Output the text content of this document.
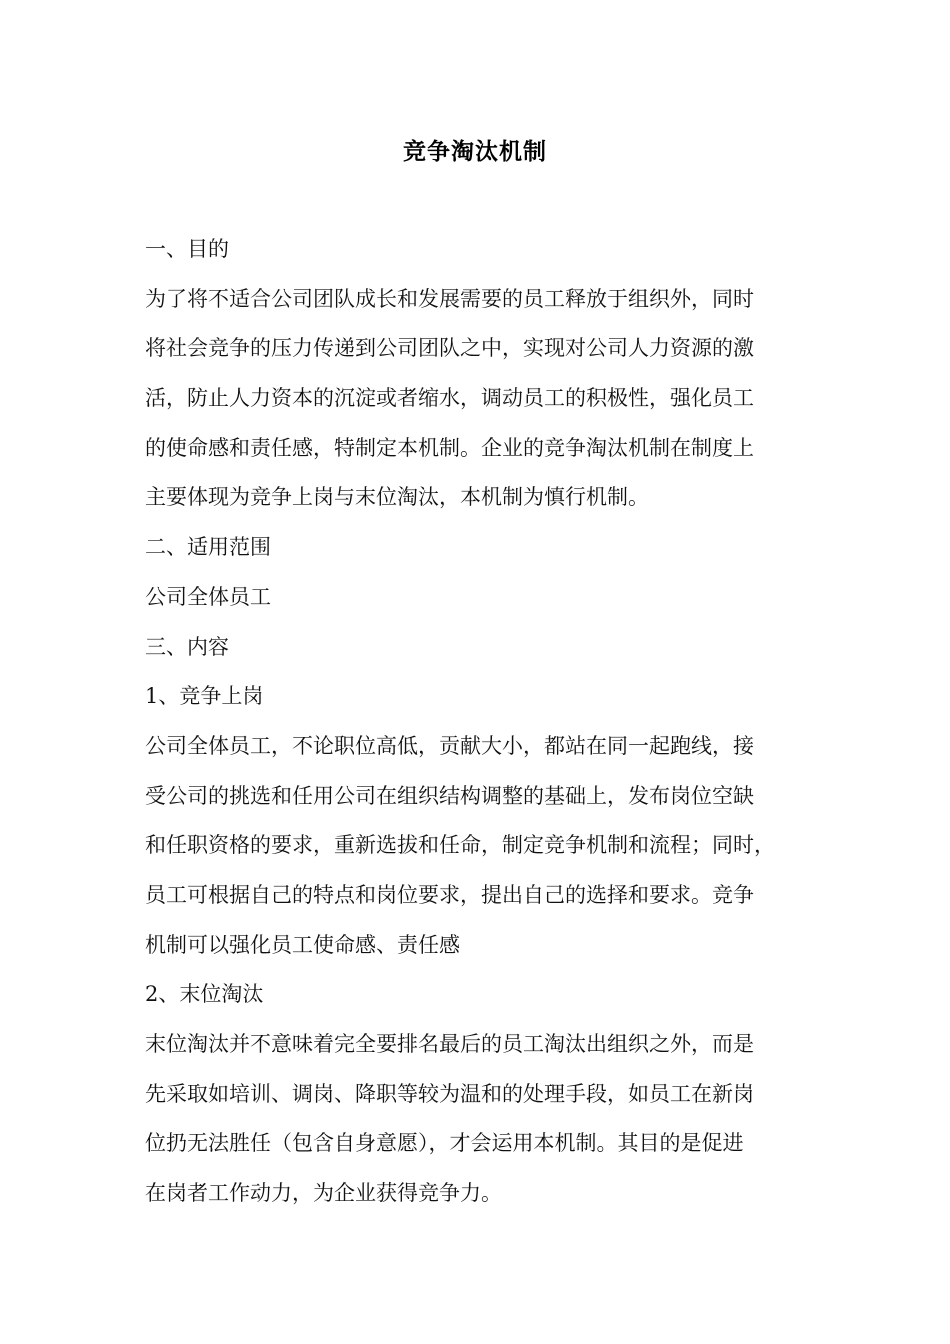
竞争淘汰机制
一、目的
为了将不适合公司团队成长和发展需要的员工释放于组织外，同时
将社会竞争的压力传递到公司团队之中，实现对公司人力资源的激
活，防止人力资本的沉淀或者缩水，调动员工的积极性，强化员工
的使命感和责任感，特制定本机制。企业的竞争淘汰机制在制度上
主要体现为竞争上岗与末位淘汰，本机制为慎行机制。
二、适用范围
公司全体员工
三、内容
1、竞争上岗
公司全体员工，不论职位高低，贡献大小，都站在同一起跑线，接
受公司的挑选和任用公司在组织结构调整的基础上，发布岗位空缺
和任职资格的要求，重新选拔和任命，制定竞争机制和流程；同时，
员工可根据自己的特点和岗位要求，提出自己的选择和要求。竞争
机制可以强化员工使命感、责任感
2、末位淘汰
末位淘汰并不意味着完全要排名最后的员工淘汰出组织之外，而是
先采取如培训、调岗、降职等较为温和的处理手段，如员工在新岗
位扔无法胜任（包含自身意愿），才会运用本机制。其目的是促进
在岗者工作动力，为企业获得竞争力。
